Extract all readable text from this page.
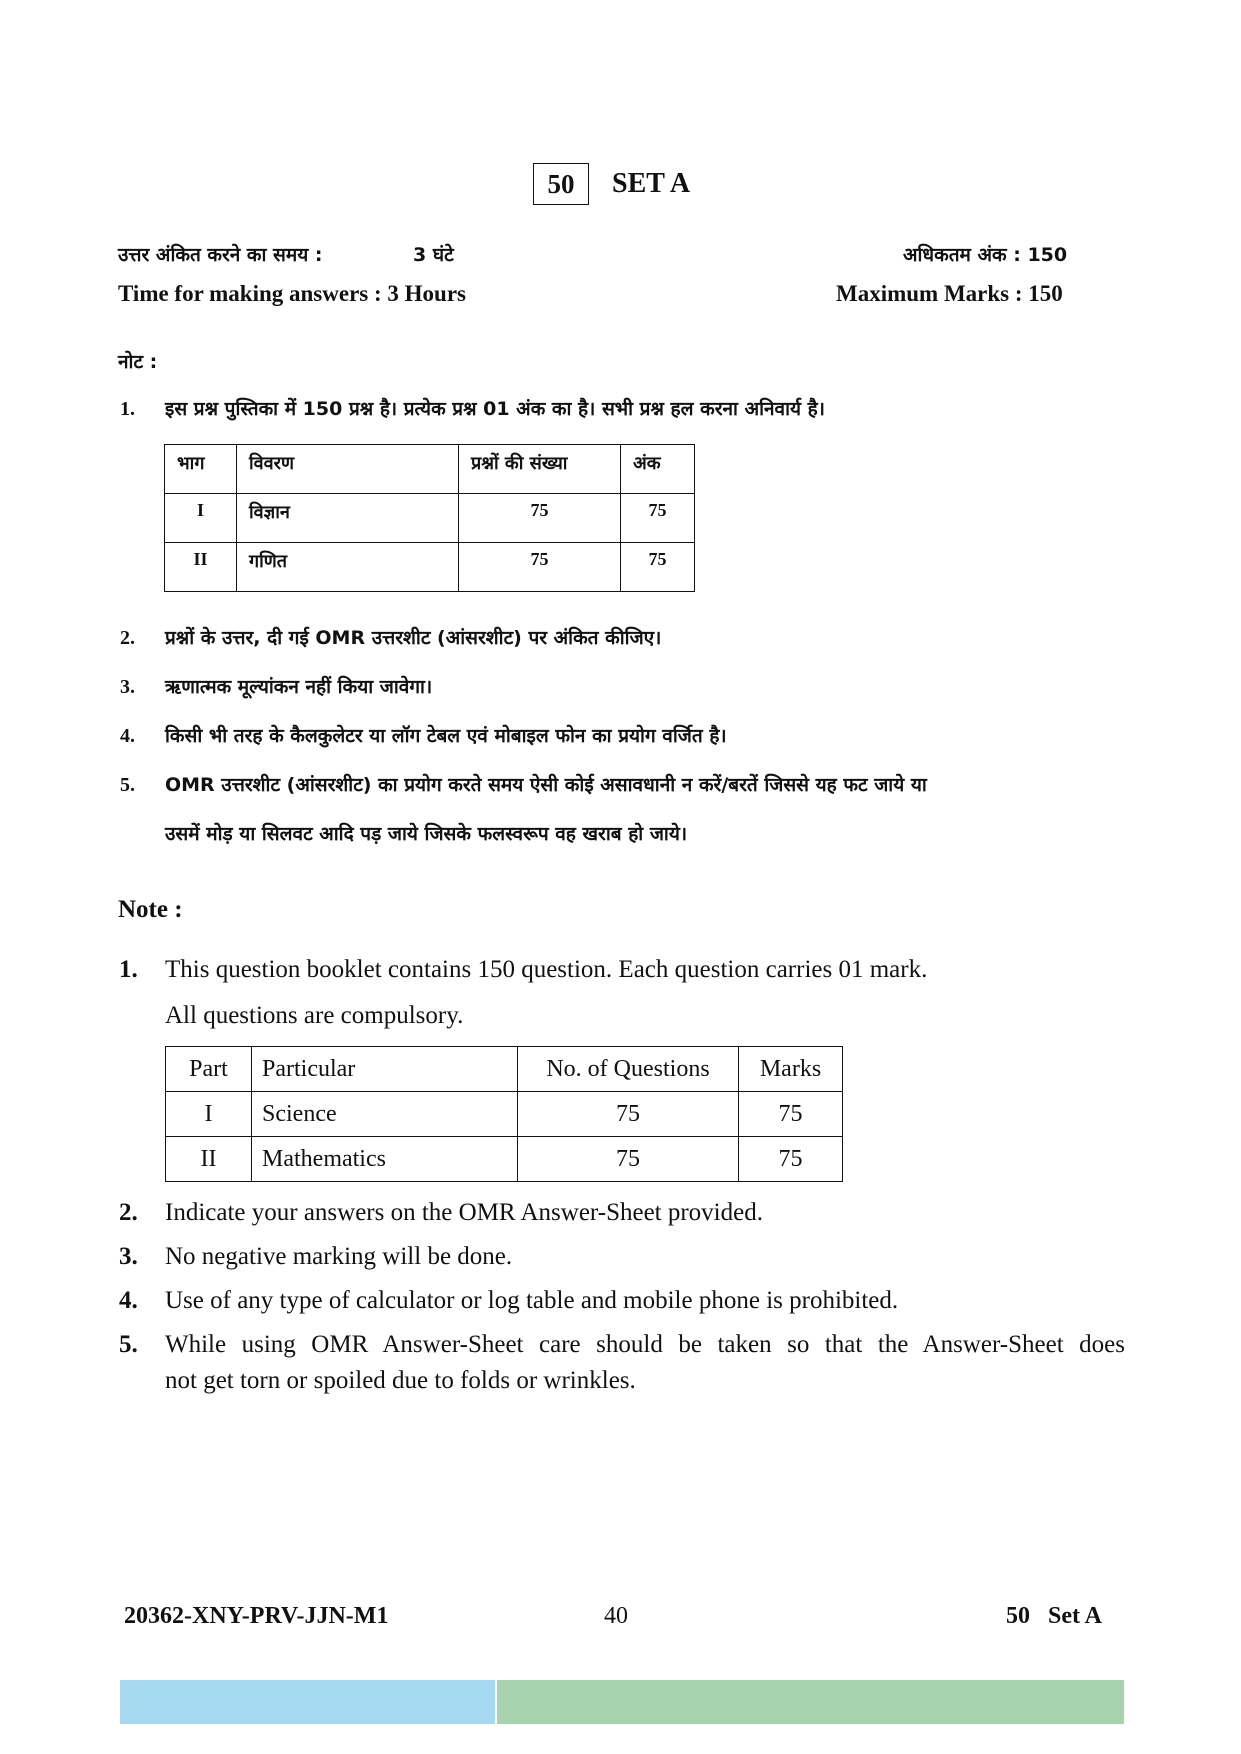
50	SET A
उत्तर अंकित करने का समय :	3 घंटे	अधिकतम अंक : 150
Time for making answers : 3 Hours	Maximum Marks : 150
नोट :
1. इस प्रश्न पुस्तिका में 150 प्रश्न है। प्रत्येक प्रश्न 01 अंक का है। सभी प्रश्न हल करना अनिवार्य है।
भाग	विवरण	प्रश्नों की संख्या	अंक
I	विज्ञान	75	75
II	गणित	75	75
2. प्रश्नों के उत्तर, दी गई OMR उत्तरशीट (आंसरशीट) पर अंकित कीजिए।
3. ऋणात्मक मूल्यांकन नहीं किया जावेगा।
4. किसी भी तरह के कैलकुलेटर या लॉग टेबल एवं मोबाइल फोन का प्रयोग वर्जित है।
5. OMR उत्तरशीट (आंसरशीट) का प्रयोग करते समय ऐसी कोई असावधानी न करें/बरतें जिससे यह फट जाये या
उसमें मोड़ या सिलवट आदि पड़ जाये जिसके फलस्वरूप वह खराब हो जाये।
Note :
1. This question booklet contains 150 question. Each question carries 01 mark.
All questions are compulsory.
Part	Particular	No. of Questions	Marks
I	Science	75	75
II	Mathematics	75	75
2. Indicate your answers on the OMR Answer-Sheet provided.
3. No negative marking will be done.
4. Use of any type of calculator or log table and mobile phone is prohibited.
5. While using OMR Answer-Sheet care should be taken so that the Answer-Sheet does
not get torn or spoiled due to folds or wrinkles.
20362-XNY-PRV-JJN-M1	40	50   Set A
